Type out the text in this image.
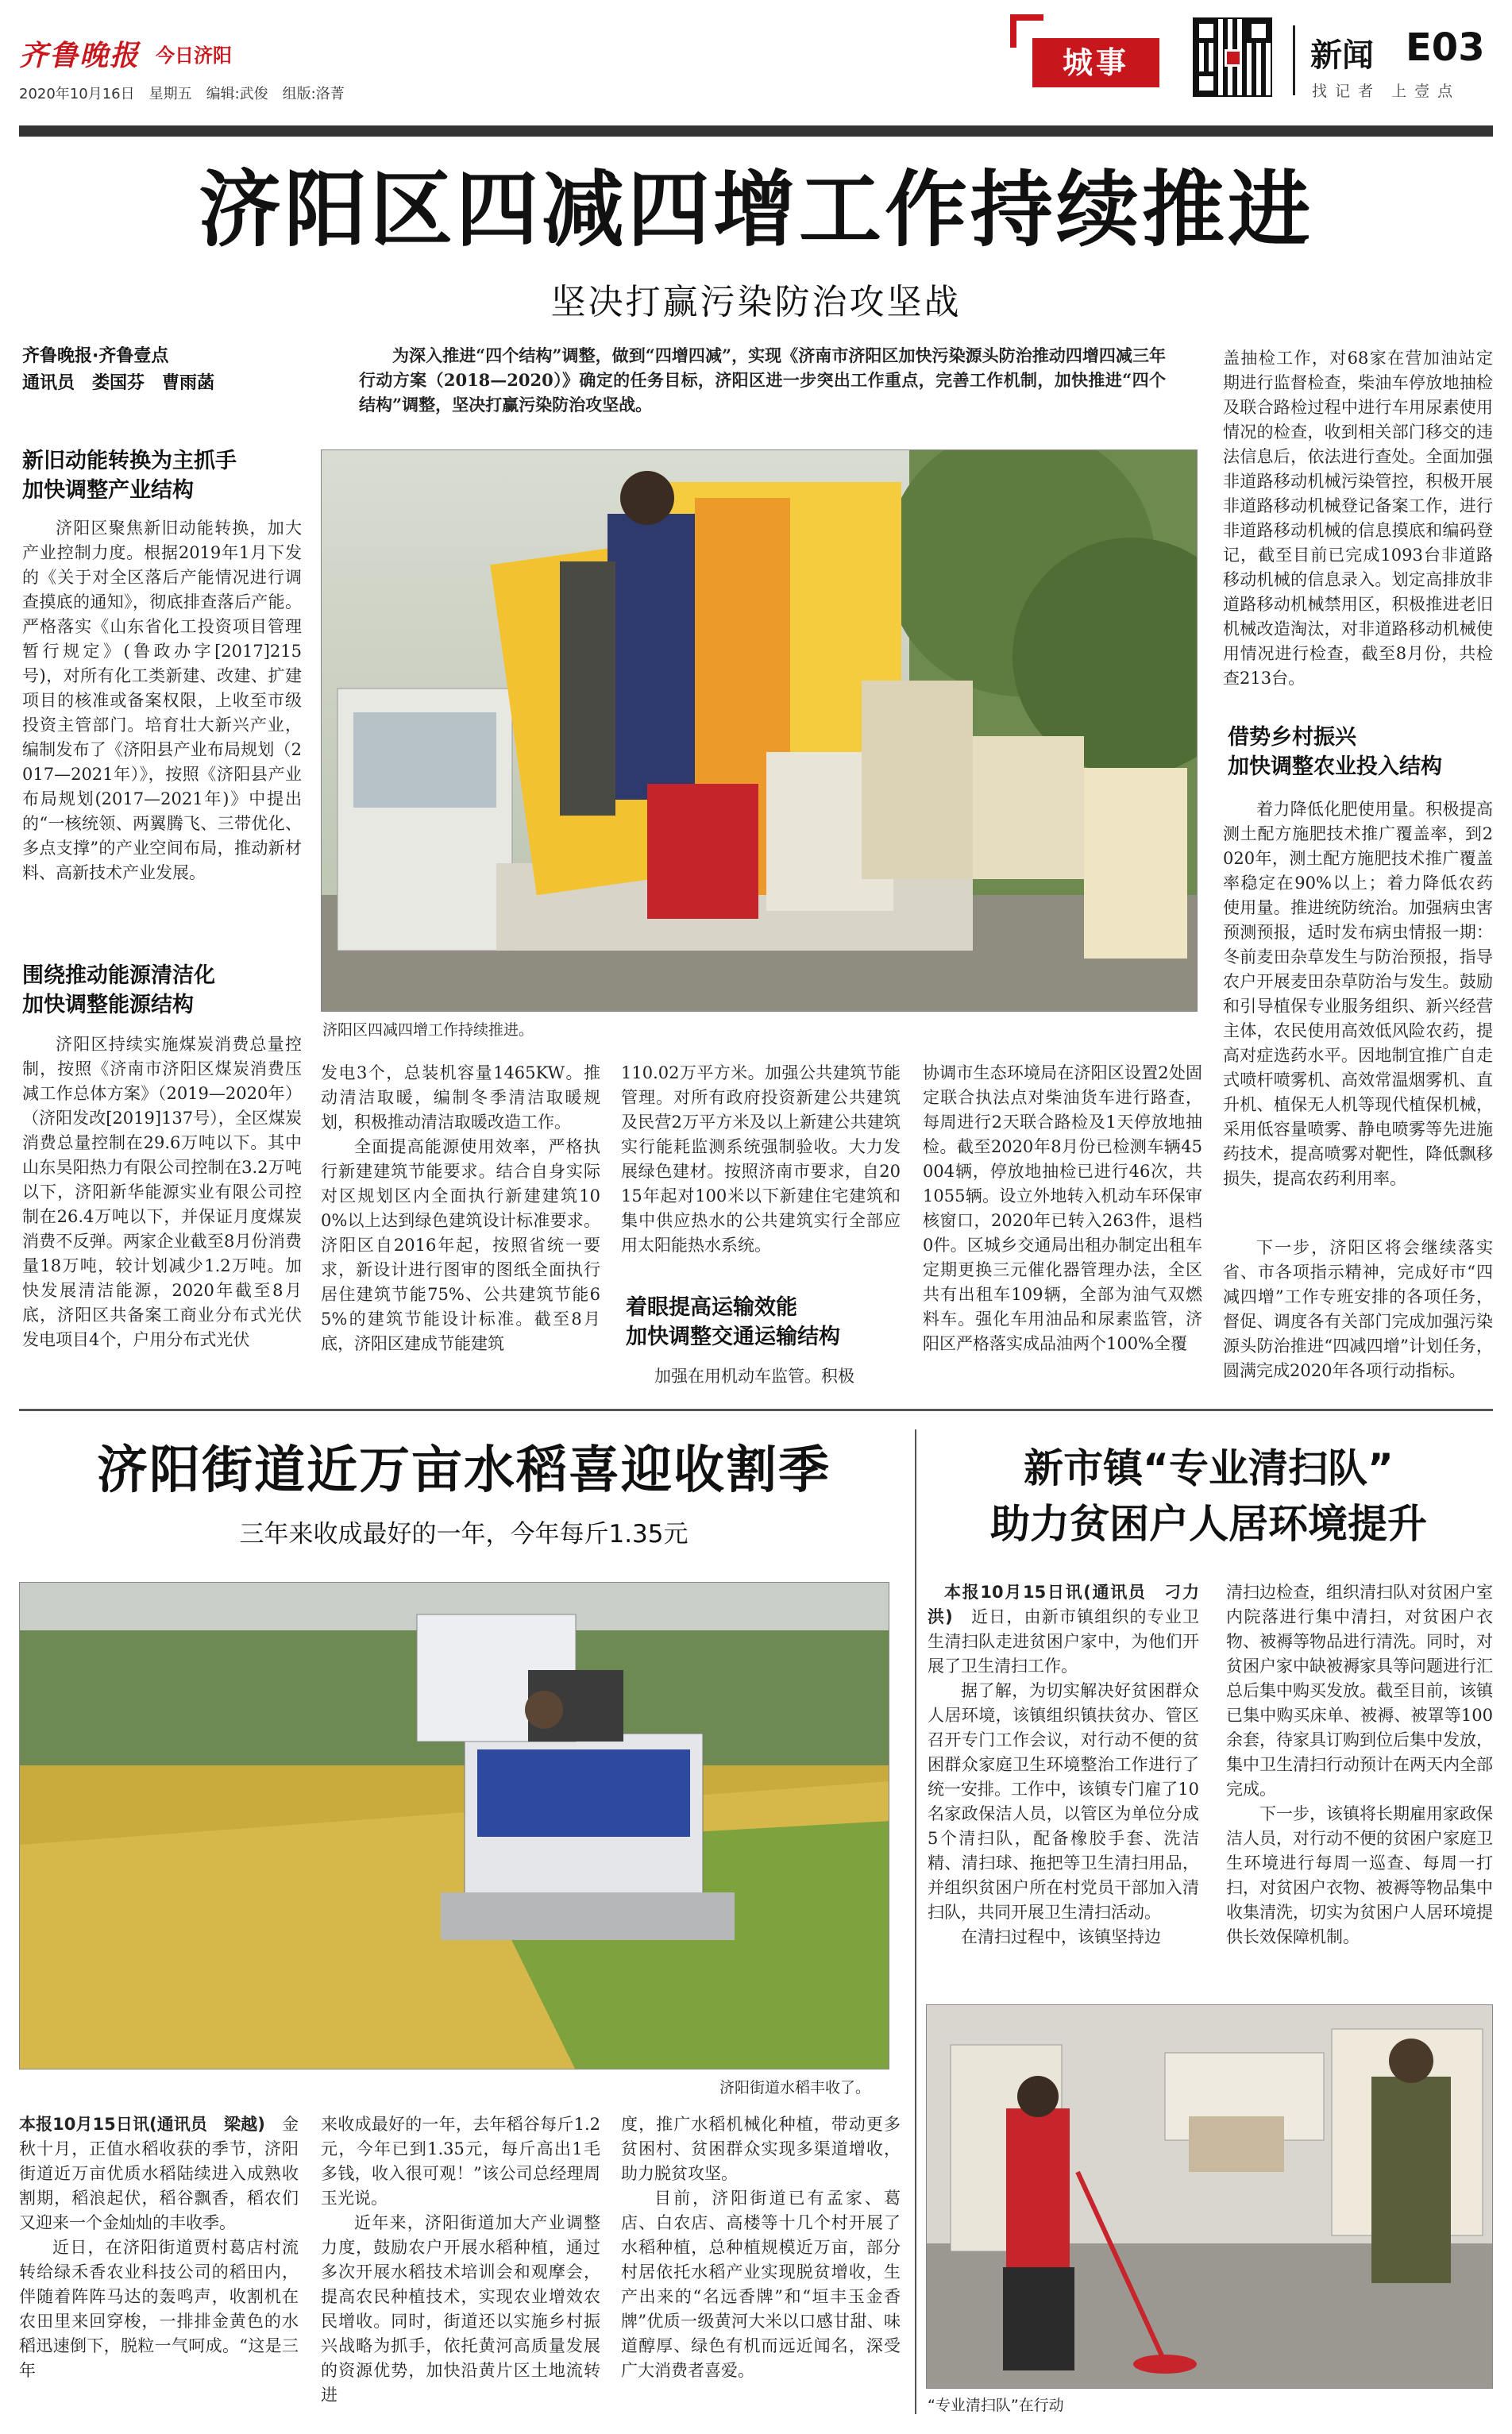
齐鲁晚报 今日济阳
2020年10月16日　星期五　编辑:武俊　组版:洛菁
城事	新闻 E03
找 记 者　上 壹 点
济阳区四减四增工作持续推进
坚决打赢污染防治攻坚战
齐鲁晚报·齐鲁壹点
通讯员　娄国芬　曹雨菡
为深入推进“四个结构”调整，做到“四增四减”，实现《济南市济阳区加快污染源头防治推动四增四减三年行动方案（2018—2020）》确定的任务目标，济阳区进一步突出工作重点，完善工作机制，加快推进“四个结构”调整，坚决打赢污染防治攻坚战。
新旧动能转换为主抓手
加快调整产业结构

济阳区聚焦新旧动能转换，加大产业控制力度。根据2019年1月下发的《关于对全区落后产能情况进行调查摸底的通知》，彻底排查落后产能。严格落实《山东省化工投资项目管理暂行规定》(鲁政办字[2017]215号)，对所有化工类新建、改建、扩建项目的核准或备案权限，上收至市级投资主管部门。培育壮大新兴产业，编制发布了《济阳县产业布局规划（2017—2021年）》，按照《济阳县产业布局规划(2017—2021年)》中提出的“一核统领、两翼腾飞、三带优化、多点支撑”的产业空间布局，推动新材料、高新技术产业发展。

围绕推动能源清洁化
加快调整能源结构

济阳区持续实施煤炭消费总量控制，按照《济南市济阳区煤炭消费压减工作总体方案》（2019—2020年）（济阳发改[2019]137号），全区煤炭消费总量控制在29.6万吨以下。其中山东昊阳热力有限公司控制在3.2万吨以下，济阳新华能源实业有限公司控制在26.4万吨以下，并保证月度煤炭消费不反弹。两家企业截至8月份消费量18万吨，较计划减少1.2万吨。加快发展清洁能源，2020年截至8月底，济阳区共备案工商业分布式光伏发电项目4个，户用分布式光伏

济阳区四减四增工作持续推进。

发电3个，总装机容量1465KW。推动清洁取暖，编制冬季清洁取暖规划，积极推动清洁取暖改造工作。

全面提高能源使用效率，严格执行新建建筑节能要求。结合自身实际对区规划区内全面执行新建建筑100%以上达到绿色建筑设计标准要求。济阳区自2016年起，按照省统一要求，新设计进行图审的图纸全面执行居住建筑节能75%、公共建筑节能65%的建筑节能设计标准。截至8月底，济阳区建成节能建筑

110.02万平方米。加强公共建筑节能管理。对所有政府投资新建公共建筑及民营2万平方米及以上新建公共建筑实行能耗监测系统强制验收。大力发展绿色建材。按照济南市要求，自2015年起对100米以下新建住宅建筑和集中供应热水的公共建筑实行全部应用太阳能热水系统。

着眼提高运输效能
加快调整交通运输结构

加强在用机动车监管。积极

协调市生态环境局在济阳区设置2处固定联合执法点对柴油货车进行路查，每周进行2天联合路检及1天停放地抽检。截至2020年8月份已检测车辆45004辆，停放地抽检已进行46次，共1055辆。设立外地转入机动车环保审核窗口，2020年已转入263件，退档0件。区城乡交通局出租办制定出租车定期更换三元催化器管理办法，全区共有出租车109辆，全部为油气双燃料车。强化车用油品和尿素监管，济阳区严格落实成品油两个100%全覆

盖抽检工作，对68家在营加油站定期进行监督检查，柴油车停放地抽检及联合路检过程中进行车用尿素使用情况的检查，收到相关部门移交的违法信息后，依法进行查处。全面加强非道路移动机械污染管控，积极开展非道路移动机械登记备案工作，进行非道路移动机械的信息摸底和编码登记，截至目前已完成1093台非道路移动机械的信息录入。划定高排放非道路移动机械禁用区，积极推进老旧机械改造淘汰，对非道路移动机械使用情况进行检查，截至8月份，共检查213台。

借势乡村振兴
加快调整农业投入结构

着力降低化肥使用量。积极提高测土配方施肥技术推广覆盖率，到2020年，测土配方施肥技术推广覆盖率稳定在90%以上；着力降低农药使用量。推进统防统治。加强病虫害预测预报，适时发布病虫情报一期：冬前麦田杂草发生与防治预报，指导农户开展麦田杂草防治与发生。鼓励和引导植保专业服务组织、新兴经营主体，农民使用高效低风险农药，提高对症选药水平。因地制宜推广自走式喷杆喷雾机、高效常温烟雾机、直升机、植保无人机等现代植保机械，采用低容量喷雾、静电喷雾等先进施药技术，提高喷雾对靶性，降低飘移损失，提高农药利用率。

下一步，济阳区将会继续落实省、市各项指示精神，完成好市“四减四增”工作专班安排的各项任务，督促、调度各有关部门完成加强污染源头防治推进“四减四增”计划任务，圆满完成2020年各项行动指标。

济阳街道近万亩水稻喜迎收割季
三年来收成最好的一年，今年每斤1.35元
济阳街道水稻丰收了。

本报10月15日讯(通讯员　梁越)　 金秋十月，正值水稻收获的季节，济阳街道近万亩优质水稻陆续进入成熟收割期，稻浪起伏，稻谷飘香，稻农们又迎来一个金灿灿的丰收季。

近日，在济阳街道贾村葛店村流转给绿禾香农业科技公司的稻田内，伴随着阵阵马达的轰鸣声，收割机在农田里来回穿梭，一排排金黄色的水稻迅速倒下，脱粒一气呵成。“这是三年

来收成最好的一年，去年稻谷每斤1.2元，今年已到1.35元，每斤高出1毛多钱，收入很可观！”该公司总经理周玉光说。

近年来，济阳街道加大产业调整力度，鼓励农户开展水稻种植，通过多次开展水稻技术培训会和观摩会，提高农民种植技术，实现农业增效农民增收。同时，街道还以实施乡村振兴战略为抓手，依托黄河高质量发展的资源优势，加快沿黄片区土地流转进

度，推广水稻机械化种植，带动更多贫困村、贫困群众实现多渠道增收，助力脱贫攻坚。

目前，济阳街道已有孟家、葛店、白农店、高楼等十几个村开展了水稻种植，总种植规模近万亩，部分村居依托水稻产业实现脱贫增收，生产出来的“名远香牌”和“垣丰玉金香牌”优质一级黄河大米以口感甘甜、味道醇厚、绿色有机而远近闻名，深受广大消费者喜爱。

新市镇“专业清扫队”
助力贫困户人居环境提升

本报10月15日讯(通讯员　刁力洪)　 近日，由新市镇组织的专业卫生清扫队走进贫困户家中，为他们开展了卫生清扫工作。

据了解，为切实解决好贫困群众人居环境，该镇组织镇扶贫办、管区召开专门工作会议，对行动不便的贫困群众家庭卫生环境整治工作进行了统一安排。工作中，该镇专门雇了10名家政保洁人员，以管区为单位分成5个清扫队，配备橡胶手套、洗洁精、清扫球、拖把等卫生清扫用品，并组织贫困户所在村党员干部加入清扫队，共同开展卫生清扫活动。

在清扫过程中，该镇坚持边

清扫边检查，组织清扫队对贫困户室内院落进行集中清扫，对贫困户衣物、被褥等物品进行清洗。同时，对贫困户家中缺被褥家具等问题进行汇总后集中购买发放。截至目前，该镇已集中购买床单、被褥、被罩等100余套，待家具订购到位后集中发放，集中卫生清扫行动预计在两天内全部完成。

下一步，该镇将长期雇用家政保洁人员，对行动不便的贫困户家庭卫生环境进行每周一巡查、每周一打扫，对贫困户衣物、被褥等物品集中收集清洗，切实为贫困户人居环境提供长效保障机制。

“专业清扫队”在行动
